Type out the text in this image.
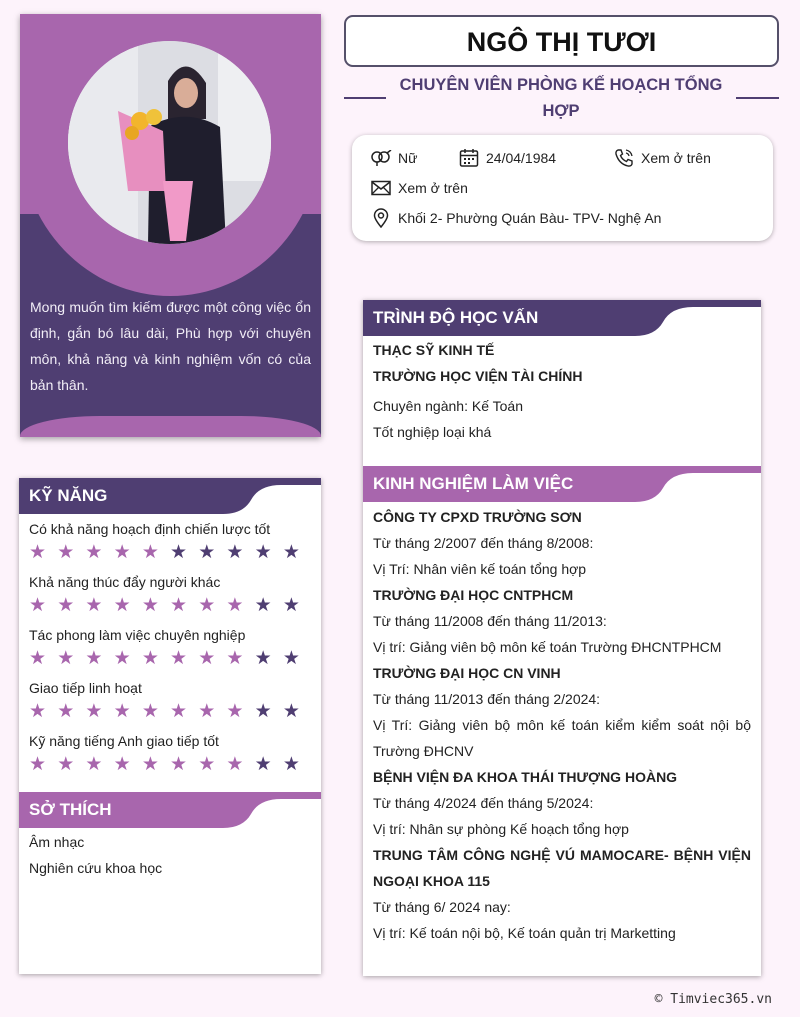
Mong muốn tìm kiếm được một công việc ổn định, gắn bó lâu dài, Phù hợp với chuyên môn, khả năng và kinh nghiệm vốn có của bản thân.
KỸ NĂNG
Có khả năng hoạch định chiến lược tốt
★ ★ ★ ★ ★ ★ ★ ★ ★ ★
Khả năng thúc đẩy người khác
★ ★ ★ ★ ★ ★ ★ ★ ★ ★
Tác phong làm việc chuyên nghiệp
★ ★ ★ ★ ★ ★ ★ ★ ★ ★
Giao tiếp linh hoạt
★ ★ ★ ★ ★ ★ ★ ★ ★ ★
Kỹ năng tiếng Anh giao tiếp tốt
★ ★ ★ ★ ★ ★ ★ ★ ★ ★
SỞ THÍCH
Âm nhạc
Nghiên cứu khoa học
NGÔ THỊ TƯƠI
CHUYÊN VIÊN PHÒNG KẾ HOẠCH TỔNG HỢP
Nữ	24/04/1984	Xem ở trên
Xem ở trên
Khối 2- Phường Quán Bàu- TPV- Nghệ An
TRÌNH ĐỘ HỌC VẤN
THẠC SỸ KINH TẾ
TRƯỜNG HỌC VIỆN TÀI CHÍNH
Chuyên ngành: Kế Toán
Tốt nghiệp loại khá
KINH NGHIỆM LÀM VIỆC
CÔNG TY CPXD TRƯỜNG SƠN
Từ tháng 2/2007 đến tháng 8/2008:
Vị Trí: Nhân viên kế toán tổng hợp
TRƯỜNG ĐẠI HỌC CNTPHCM
Từ tháng 11/2008 đến tháng 11/2013:
Vị trí: Giảng viên bộ môn kế toán Trường ĐHCNTPHCM
TRƯỜNG ĐẠI HỌC CN VINH
Từ tháng 11/2013 đến tháng 2/2024:
Vị Trí: Giảng viên bộ môn kế toán kiểm kiểm soát nội bộ Trường ĐHCNV
BỆNH VIỆN ĐA KHOA THÁI THƯỢNG HOÀNG
Từ tháng 4/2024 đến tháng 5/2024:
Vị trí: Nhân sự phòng Kế hoạch tổng hợp
TRUNG TÂM CÔNG NGHỆ VÚ MAMOCARE- BỆNH VIỆN NGOẠI KHOA 115
Từ tháng 6/ 2024 nay:
Vị trí: Kế toán nội bộ, Kế toán quản trị Marketting
© Timviec365.vn
